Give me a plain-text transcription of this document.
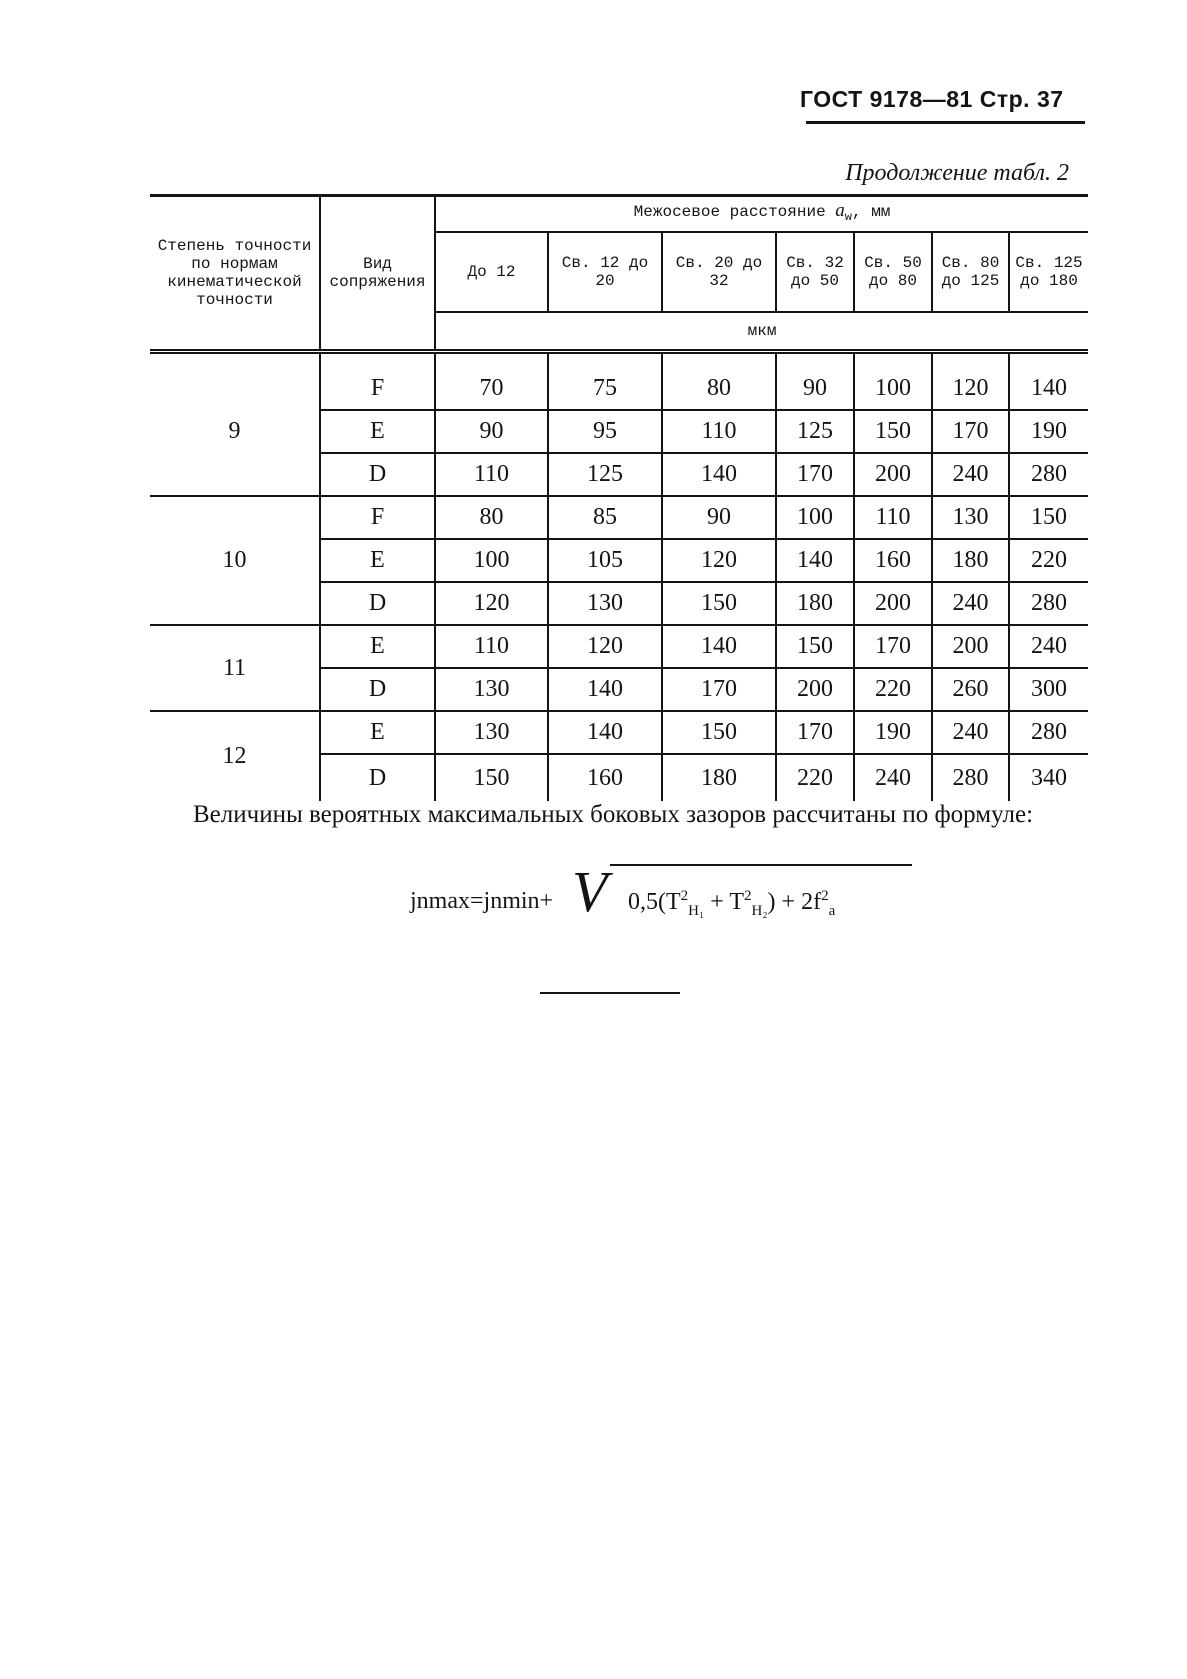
ГОСТ 9178—81 Стр. 37
Продолжение табл. 2
Степень точности по нормам кинематической точности	Вид сопряжения	Межосевое расстояние $a_w$, мм						
		До 12	Св. 12 до 20	Св. 20 до 32	Св. 32 до 50	Св. 50 до 80	Св. 80 до 125	Св. 125 до 180
		мкм						
9	F	70	75	80	90	100	120	140
	E	90	95	110	125	150	170	190
	D	110	125	140	170	200	240	280
10	F	80	85	90	100	110	130	150
	E	100	105	120	140	160	180	220
	D	120	130	150	180	200	240	280
11	E	110	120	140	150	170	200	240
	D	130	140	170	200	220	260	300
12	E	130	140	150	170	190	240	280
	D	150	160	180	220	240	280	340
Величины вероятных максимальных боковых зазоров рассчитаны по формуле:
jnmax=jnmin+ V $0,5(T^2_{H_1} + T^2_{H_2}) + 2f^2_a$
